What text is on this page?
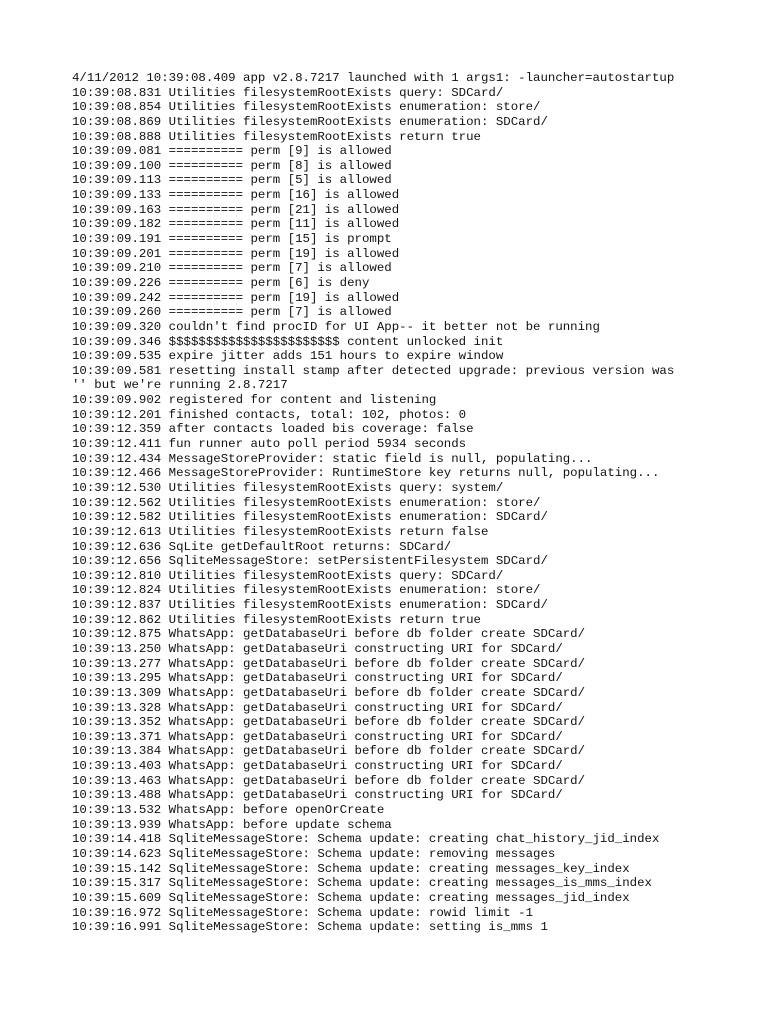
4/11/2012 10:39:08.409 app v2.8.7217 launched with 1 args1: -launcher=autostartup
10:39:08.831 Utilities filesystemRootExists query: SDCard/
10:39:08.854 Utilities filesystemRootExists enumeration: store/
10:39:08.869 Utilities filesystemRootExists enumeration: SDCard/
10:39:08.888 Utilities filesystemRootExists return true
10:39:09.081 ========== perm [9] is allowed
10:39:09.100 ========== perm [8] is allowed
10:39:09.113 ========== perm [5] is allowed
10:39:09.133 ========== perm [16] is allowed
10:39:09.163 ========== perm [21] is allowed
10:39:09.182 ========== perm [11] is allowed
10:39:09.191 ========== perm [15] is prompt
10:39:09.201 ========== perm [19] is allowed
10:39:09.210 ========== perm [7] is allowed
10:39:09.226 ========== perm [6] is deny
10:39:09.242 ========== perm [19] is allowed
10:39:09.260 ========== perm [7] is allowed
10:39:09.320 couldn't find procID for UI App-- it better not be running
10:39:09.346 $$$$$$$$$$$$$$$$$$$$$$$ content unlocked init
10:39:09.535 expire jitter adds 151 hours to expire window
10:39:09.581 resetting install stamp after detected upgrade: previous version was
'' but we're running 2.8.7217
10:39:09.902 registered for content and listening
10:39:12.201 finished contacts, total: 102, photos: 0
10:39:12.359 after contacts loaded bis coverage: false
10:39:12.411 fun runner auto poll period 5934 seconds
10:39:12.434 MessageStoreProvider: static field is null, populating...
10:39:12.466 MessageStoreProvider: RuntimeStore key returns null, populating...
10:39:12.530 Utilities filesystemRootExists query: system/
10:39:12.562 Utilities filesystemRootExists enumeration: store/
10:39:12.582 Utilities filesystemRootExists enumeration: SDCard/
10:39:12.613 Utilities filesystemRootExists return false
10:39:12.636 SqLite getDefaultRoot returns: SDCard/
10:39:12.656 SqliteMessageStore: setPersistentFilesystem SDCard/
10:39:12.810 Utilities filesystemRootExists query: SDCard/
10:39:12.824 Utilities filesystemRootExists enumeration: store/
10:39:12.837 Utilities filesystemRootExists enumeration: SDCard/
10:39:12.862 Utilities filesystemRootExists return true
10:39:12.875 WhatsApp: getDatabaseUri before db folder create SDCard/
10:39:13.250 WhatsApp: getDatabaseUri constructing URI for SDCard/
10:39:13.277 WhatsApp: getDatabaseUri before db folder create SDCard/
10:39:13.295 WhatsApp: getDatabaseUri constructing URI for SDCard/
10:39:13.309 WhatsApp: getDatabaseUri before db folder create SDCard/
10:39:13.328 WhatsApp: getDatabaseUri constructing URI for SDCard/
10:39:13.352 WhatsApp: getDatabaseUri before db folder create SDCard/
10:39:13.371 WhatsApp: getDatabaseUri constructing URI for SDCard/
10:39:13.384 WhatsApp: getDatabaseUri before db folder create SDCard/
10:39:13.403 WhatsApp: getDatabaseUri constructing URI for SDCard/
10:39:13.463 WhatsApp: getDatabaseUri before db folder create SDCard/
10:39:13.488 WhatsApp: getDatabaseUri constructing URI for SDCard/
10:39:13.532 WhatsApp: before openOrCreate
10:39:13.939 WhatsApp: before update schema
10:39:14.418 SqliteMessageStore: Schema update: creating chat_history_jid_index
10:39:14.623 SqliteMessageStore: Schema update: removing messages
10:39:15.142 SqliteMessageStore: Schema update: creating messages_key_index
10:39:15.317 SqliteMessageStore: Schema update: creating messages_is_mms_index
10:39:15.609 SqliteMessageStore: Schema update: creating messages_jid_index
10:39:16.972 SqliteMessageStore: Schema update: rowid limit -1
10:39:16.991 SqliteMessageStore: Schema update: setting is_mms 1
